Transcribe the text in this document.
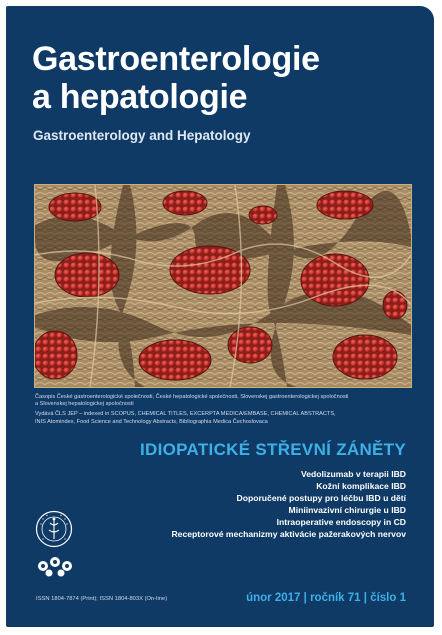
Gastroenterologie
a hepatologie
Gastroenterology and Hepatology

Časopis České gastroenterologické společnosti, České hepatologické společnosti, Slovenskej gastroenterologickej spoločnosti
a Slovenskej hepatologickej spoločnosti

Vydává ČLS JEP – indexed in SCOPUS, CHEMICAL TITLES, EXCERPTA MEDICA/EMBASE, CHEMICAL ABSTRACTS,
INIS Atomindex, Food Science and Technology Abstracts, Bibliographia Medica Čechoslovaca

IDIOPATICKÉ STŘEVNÍ ZÁNĚTY
Vedolizumab v terapii IBD
Kožní komplikace IBD
Doporučené postupy pro léčbu IBD u dětí
Miniinvazivní chirurgie u IBD
Intraoperative endoscopy in CD
Receptorové mechanizmy aktivácie pažerakových nervov
ISSN 1804-7874 (Print); ISSN 1804-803X (On-line)	únor 2017 | ročník 71 | číslo 1
